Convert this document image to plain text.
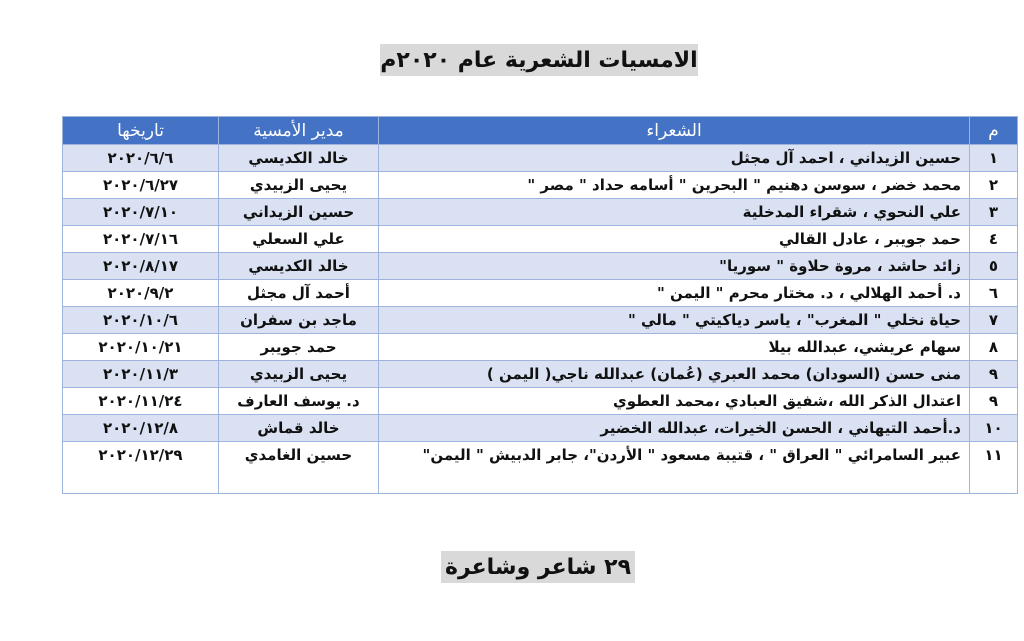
الامسيات الشعرية عام ٢٠٢٠م
م	الشعراء	مدير الأمسية	تاريخها
١	حسين الزيداني ، احمد آل مجثل	خالد الكديسي	٢٠٢٠/٦/٦
٢	محمد خضر ، سوسن دهنيم " البحرين " أسامه حداد " مصر "	يحيى الزبيدي	٢٠٢٠/٦/٢٧
٣	علي النحوي ، شقراء المدخلية	حسين الزيداني	٢٠٢٠/٧/١٠
٤	حمد جويبر ، عادل القالي	علي السعلي	٢٠٢٠/٧/١٦
٥	زائد حاشد ، مروة حلاوة " سوريا"	خالد الكديسي	٢٠٢٠/٨/١٧
٦	د. أحمد الهلالي ، د. مختار محرم " اليمن "	أحمد آل مجثل	٢٠٢٠/٩/٢
٧	حياة نخلي " المغرب" ، ياسر دياكيتي " مالي "	ماجد بن سفران	٢٠٢٠/١٠/٦
٨	سهام عريشي، عبدالله بيلا	حمد جويبر	٢٠٢٠/١٠/٢١
٩	منى حسن (السودان) محمد العبري (عُمان) عبدالله ناجي( اليمن )	يحيى الزبيدي	٢٠٢٠/١١/٣
٩	اعتدال الذكر الله ،شفيق العبادي ،محمد العطوي	د. يوسف العارف	٢٠٢٠/١١/٢٤
١٠	د.أحمد التيهاني ، الحسن الخيرات، عبدالله الخضير	خالد قماش	٢٠٢٠/١٢/٨
١١	عبير السامرائي " العراق " ، قتيبة مسعود " الأردن"، جابر الدبيش " اليمن"	حسين الغامدي	٢٠٢٠/١٢/٢٩
٢٩ شاعر وشاعرة
